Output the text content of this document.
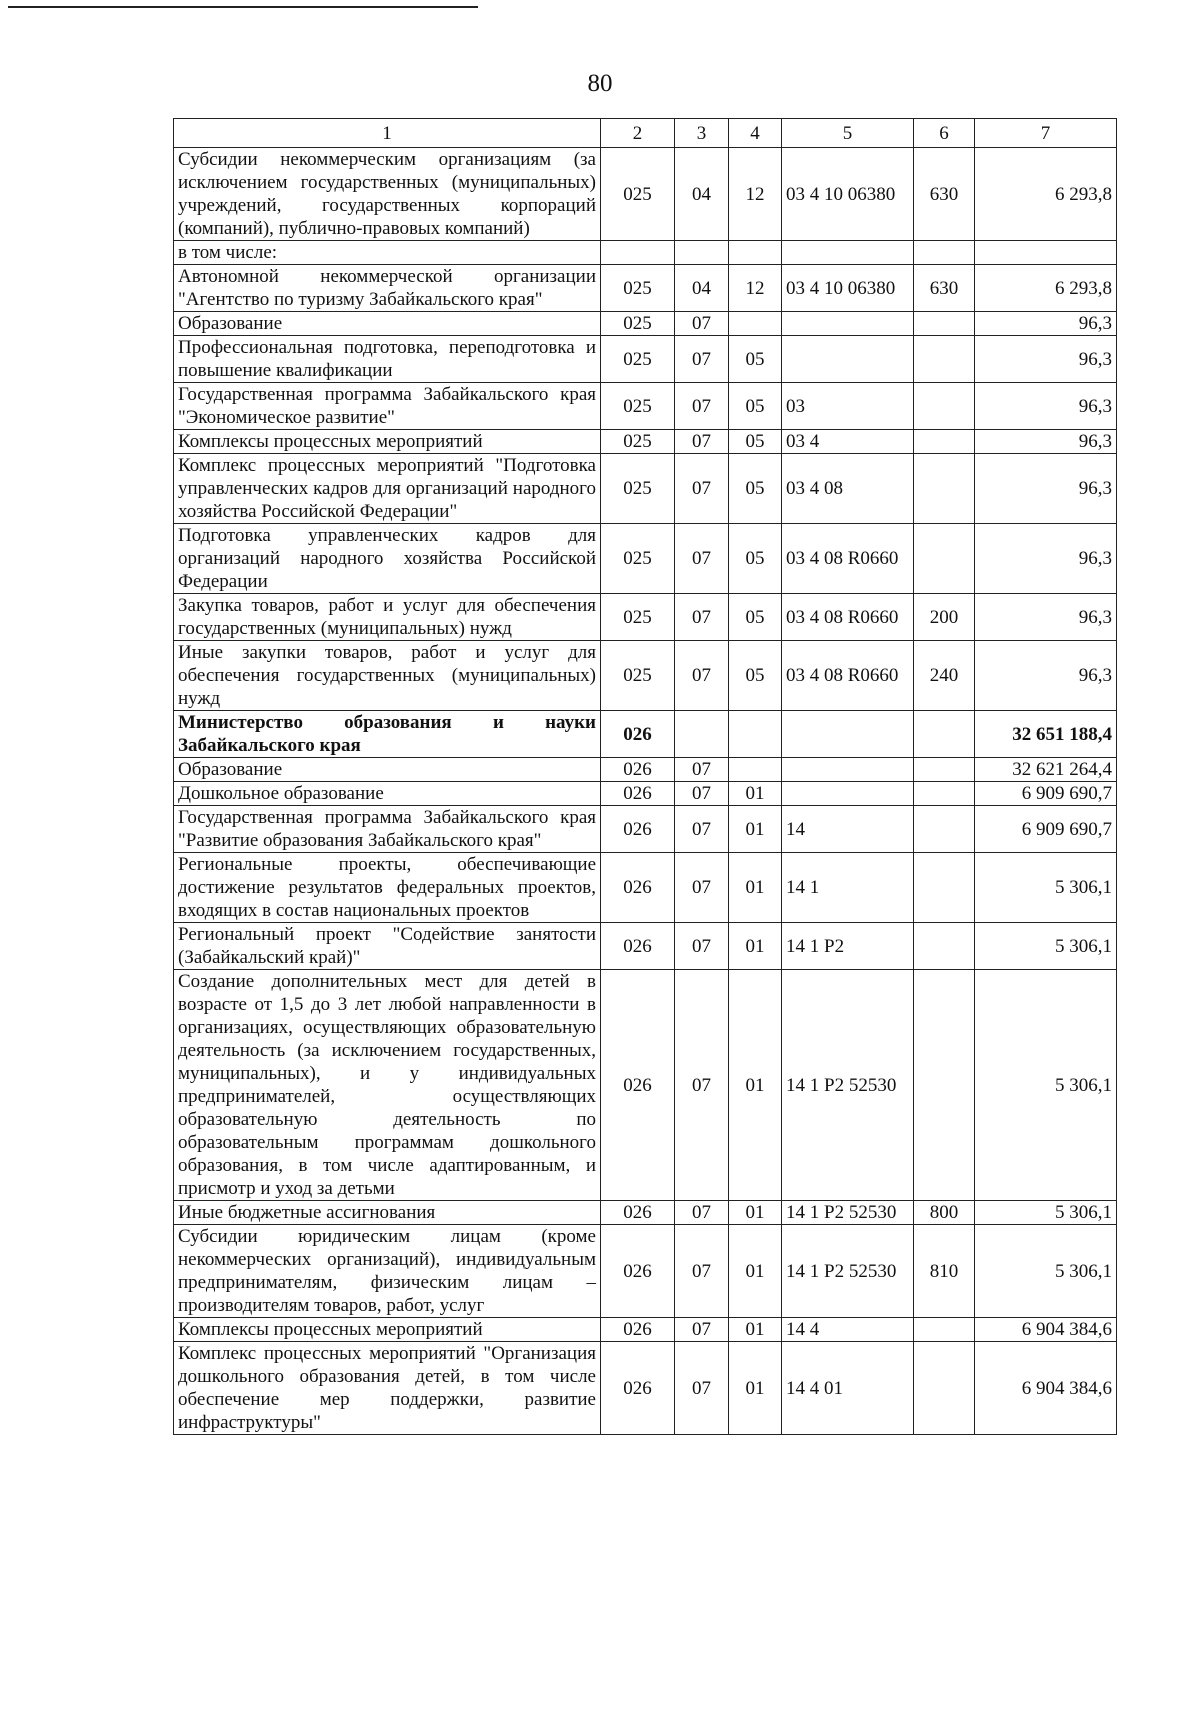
80
1	2	3	4	5	6	7
Субсидии некоммерческим организациям (за исключением государственных (муниципальных) учреждений, государственных корпораций (компаний), публично-правовых компаний)	025	04	12	03 4 10 06380	630	6 293,8
в том числе:						
Автономной некоммерческой организации "Агентство по туризму Забайкальского края"	025	04	12	03 4 10 06380	630	6 293,8
Образование	025	07				96,3
Профессиональная подготовка, переподготовка и повышение квалификации	025	07	05			96,3
Государственная программа Забайкальского края "Экономическое развитие"	025	07	05	03		96,3
Комплексы процессных мероприятий	025	07	05	03 4		96,3
Комплекс процессных мероприятий "Подготовка управленческих кадров для организаций народного хозяйства Российской Федерации"	025	07	05	03 4 08		96,3
Подготовка управленческих кадров для организаций народного хозяйства Российской Федерации	025	07	05	03 4 08 R0660		96,3
Закупка товаров, работ и услуг для обеспечения государственных (муниципальных) нужд	025	07	05	03 4 08 R0660	200	96,3
Иные закупки товаров, работ и услуг для обеспечения государственных (муниципальных) нужд	025	07	05	03 4 08 R0660	240	96,3
Министерство образования и науки Забайкальского края	026					32 651 188,4
Образование	026	07				32 621 264,4
Дошкольное образование	026	07	01			6 909 690,7
Государственная программа Забайкальского края "Развитие образования Забайкальского края"	026	07	01	14		6 909 690,7
Региональные проекты, обеспечивающие достижение результатов федеральных проектов, входящих в состав национальных проектов	026	07	01	14 1		5 306,1
Региональный проект "Содействие занятости (Забайкальский край)"	026	07	01	14 1 P2		5 306,1
Создание дополнительных мест для детей в возрасте от 1,5 до 3 лет любой направленности в организациях, осуществляющих образовательную деятельность (за исключением государственных, муниципальных), и у индивидуальных предпринимателей, осуществляющих образовательную деятельность по образовательным программам дошкольного образования, в том числе адаптированным, и присмотр и уход за детьми	026	07	01	14 1 P2 52530		5 306,1
Иные бюджетные ассигнования	026	07	01	14 1 P2 52530	800	5 306,1
Субсидии юридическим лицам (кроме некоммерческих организаций), индивидуальным предпринимателям, физическим лицам – производителям товаров, работ, услуг	026	07	01	14 1 P2 52530	810	5 306,1
Комплексы процессных мероприятий	026	07	01	14 4		6 904 384,6
Комплекс процессных мероприятий "Организация дошкольного образования детей, в том числе обеспечение мер поддержки, развитие инфраструктуры"	026	07	01	14 4 01		6 904 384,6
